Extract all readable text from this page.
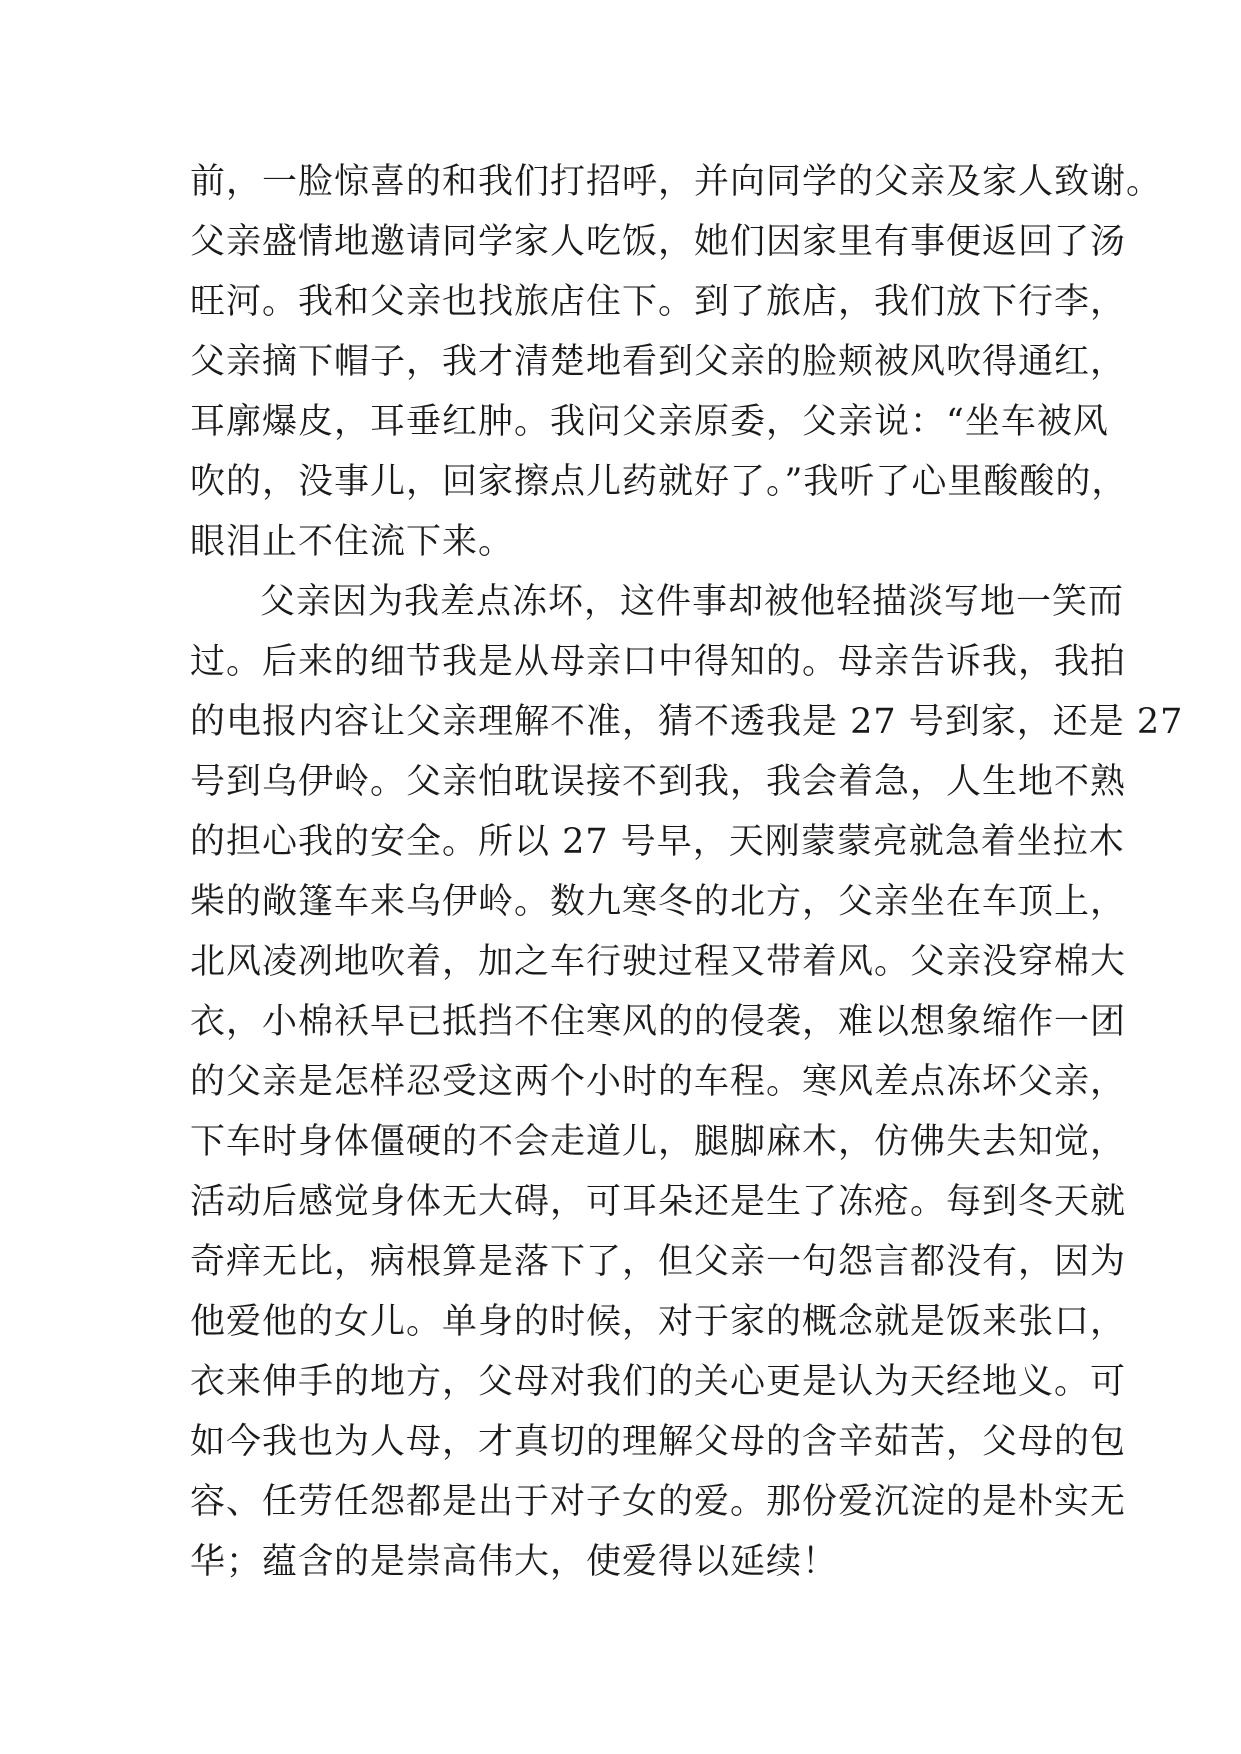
前，一脸惊喜的和我们打招呼，并向同学的父亲及家人致谢。
父亲盛情地邀请同学家人吃饭，她们因家里有事便返回了汤
旺河。我和父亲也找旅店住下。到了旅店，我们放下行李，
父亲摘下帽子，我才清楚地看到父亲的脸颊被风吹得通红，
耳廓爆皮，耳垂红肿。我问父亲原委，父亲说：“坐车被风
吹的，没事儿，回家擦点儿药就好了。”我听了心里酸酸的，
眼泪止不住流下来。
父亲因为我差点冻坏，这件事却被他轻描淡写地一笑而
过。后来的细节我是从母亲口中得知的。母亲告诉我，我拍
的电报内容让父亲理解不准，猜不透我是 27 号到家，还是 27
号到乌伊岭。父亲怕耽误接不到我，我会着急，人生地不熟
的担心我的安全。所以 27 号早，天刚蒙蒙亮就急着坐拉木
柴的敞篷车来乌伊岭。数九寒冬的北方，父亲坐在车顶上，
北风凌冽地吹着，加之车行驶过程又带着风。父亲没穿棉大
衣，小棉袄早已抵挡不住寒风的的侵袭，难以想象缩作一团
的父亲是怎样忍受这两个小时的车程。寒风差点冻坏父亲，
下车时身体僵硬的不会走道儿，腿脚麻木，仿佛失去知觉，
活动后感觉身体无大碍，可耳朵还是生了冻疮。每到冬天就
奇痒无比，病根算是落下了，但父亲一句怨言都没有，因为
他爱他的女儿。单身的时候，对于家的概念就是饭来张口，
衣来伸手的地方，父母对我们的关心更是认为天经地义。可
如今我也为人母，才真切的理解父母的含辛茹苦，父母的包
容、任劳任怨都是出于对子女的爱。那份爱沉淀的是朴实无
华；蕴含的是崇高伟大，使爱得以延续！
